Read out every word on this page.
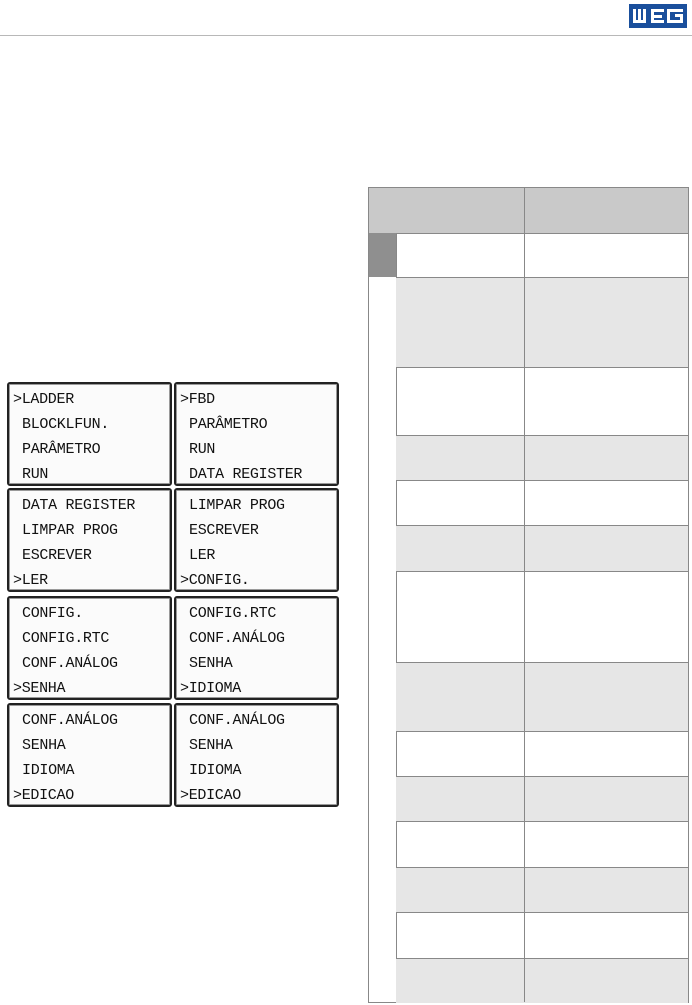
>LADDER
BLOCKLFUN.
PARÂMETRO
RUN
>FBD
PARÂMETRO
RUN
DATA REGISTER
DATA REGISTER
LIMPAR PROG
ESCREVER
>LER
LIMPAR PROG
ESCREVER
LER
>CONFIG.
CONFIG.
CONFIG.RTC
CONF.ANÁLOG
>SENHA
CONFIG.RTC
CONF.ANÁLOG
SENHA
>IDIOMA
CONF.ANÁLOG
SENHA
IDIOMA
>EDICAO
CONF.ANÁLOG
SENHA
IDIOMA
>EDICAO
